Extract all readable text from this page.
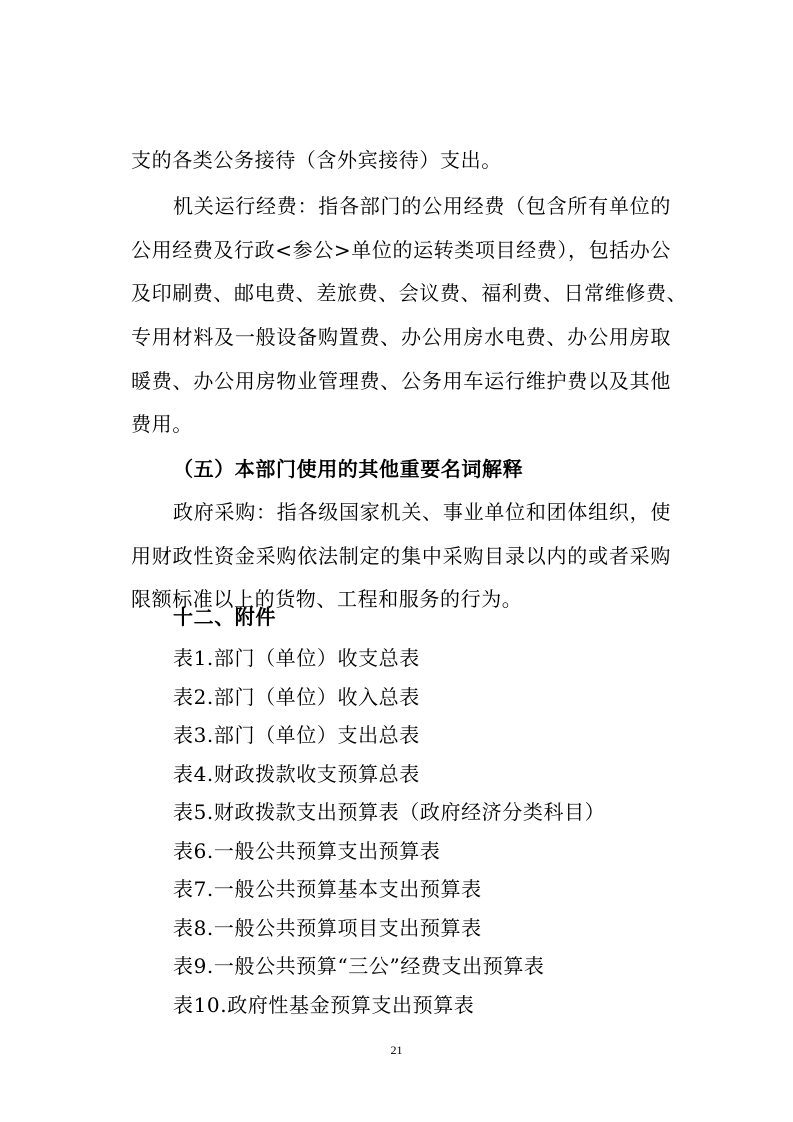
支的各类公务接待（含外宾接待）支出。
机关运行经费：指各部门的公用经费（包含所有单位的
公用经费及行政<参公>单位的运转类项目经费），包括办公
及印刷费、邮电费、差旅费、会议费、福利费、日常维修费、
专用材料及一般设备购置费、办公用房水电费、办公用房取
暖费、办公用房物业管理费、公务用车运行维护费以及其他
费用。
（五）本部门使用的其他重要名词解释
政府采购：指各级国家机关、事业单位和团体组织，使
用财政性资金采购依法制定的集中采购目录以内的或者采购
限额标准以上的货物、工程和服务的行为。
十二、附件
表1.部门（单位）收支总表
表2.部门（单位）收入总表
表3.部门（单位）支出总表
表4.财政拨款收支预算总表
表5.财政拨款支出预算表（政府经济分类科目）
表6.一般公共预算支出预算表
表7.一般公共预算基本支出预算表
表8.一般公共预算项目支出预算表
表9.一般公共预算“三公”经费支出预算表
表10.政府性基金预算支出预算表
21
